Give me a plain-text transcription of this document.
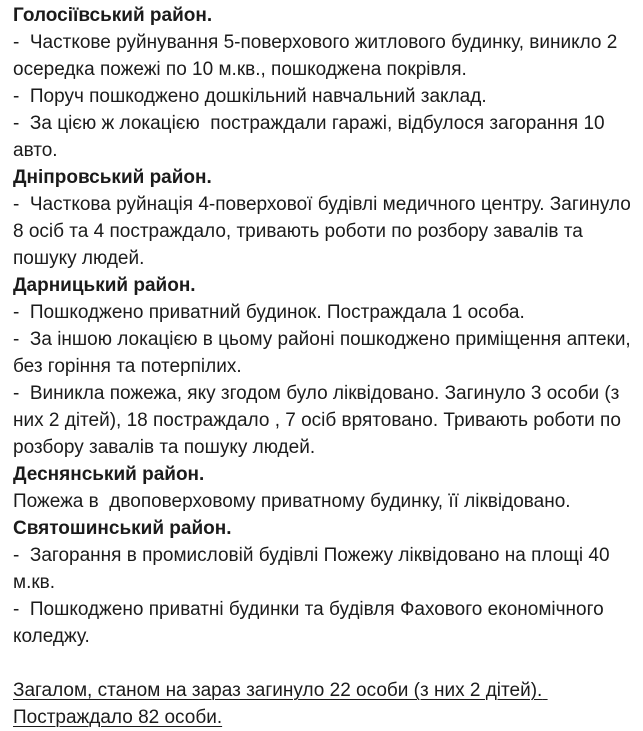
Голосіївський район.

-  Часткове руйнування 5-поверхового житлового будинку, виникло 2 осередка пожежі по 10 м.кв., пошкоджена покрівля.

-  Поруч пошкоджено дошкільний навчальний заклад.

-  За цією ж локацією  постраждали гаражі, відбулося загорання 10 авто.

Дніпровський район.

-  Часткова руйнація 4-поверхової будівлі медичного центру. Загинуло 8 осіб та 4 постраждало, тривають роботи по розбору завалів та пошуку людей.

Дарницький район.

-  Пошкоджено приватний будинок. Постраждала 1 особа.

-  За іншою локацією в цьому районі пошкоджено приміщення аптеки, без горіння та потерпілих.

-  Виникла пожежа, яку згодом було ліквідовано. Загинуло 3 особи (з них 2 дітей), 18 постраждало , 7 осіб врятовано. Тривають роботи по розбору завалів та пошуку людей.

Деснянський район.

Пожежа в  двоповерховому приватному будинку, її ліквідовано.

Святошинський район.

-  Загорання в промисловій будівлі Пожежу ліквідовано на площі 40 м.кв.

-  Пошкоджено приватні будинки та будівля Фахового економічного коледжу.

Загалом, станом на зараз загинуло 22 особи (з них 2 дітей). Постраждало 82 особи.
